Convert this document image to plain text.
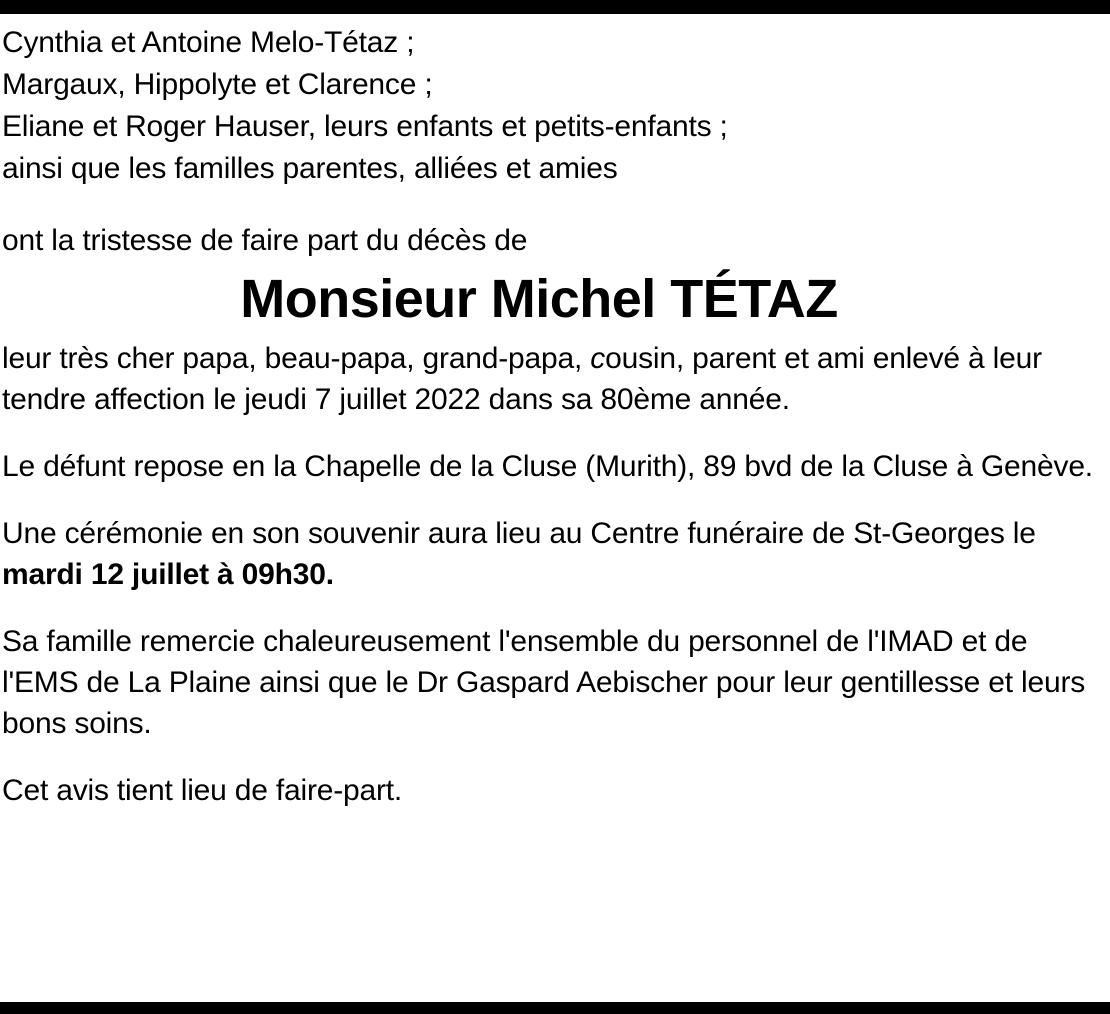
Cynthia et Antoine Melo-Tétaz ;
Margaux, Hippolyte et Clarence ;
Eliane et Roger Hauser, leurs enfants et petits-enfants ;
ainsi que les familles parentes, alliées et amies
ont la tristesse de faire part du décès de
Monsieur Michel TÉTAZ

leur très cher papa, beau-papa, grand-papa, cousin, parent et ami enlevé à leur tendre affection le jeudi 7 juillet 2022 dans sa 80ème année.

Le défunt repose en la Chapelle de la Cluse (Murith), 89 bvd de la Cluse à Genève.

Une cérémonie en son souvenir aura lieu au Centre funéraire de St-Georges le mardi 12 juillet à 09h30.

Sa famille remercie chaleureusement l'ensemble du personnel de l'IMAD et de l'EMS de La Plaine ainsi que le Dr Gaspard Aebischer pour leur gentillesse et leurs bons soins.

Cet avis tient lieu de faire-part.
